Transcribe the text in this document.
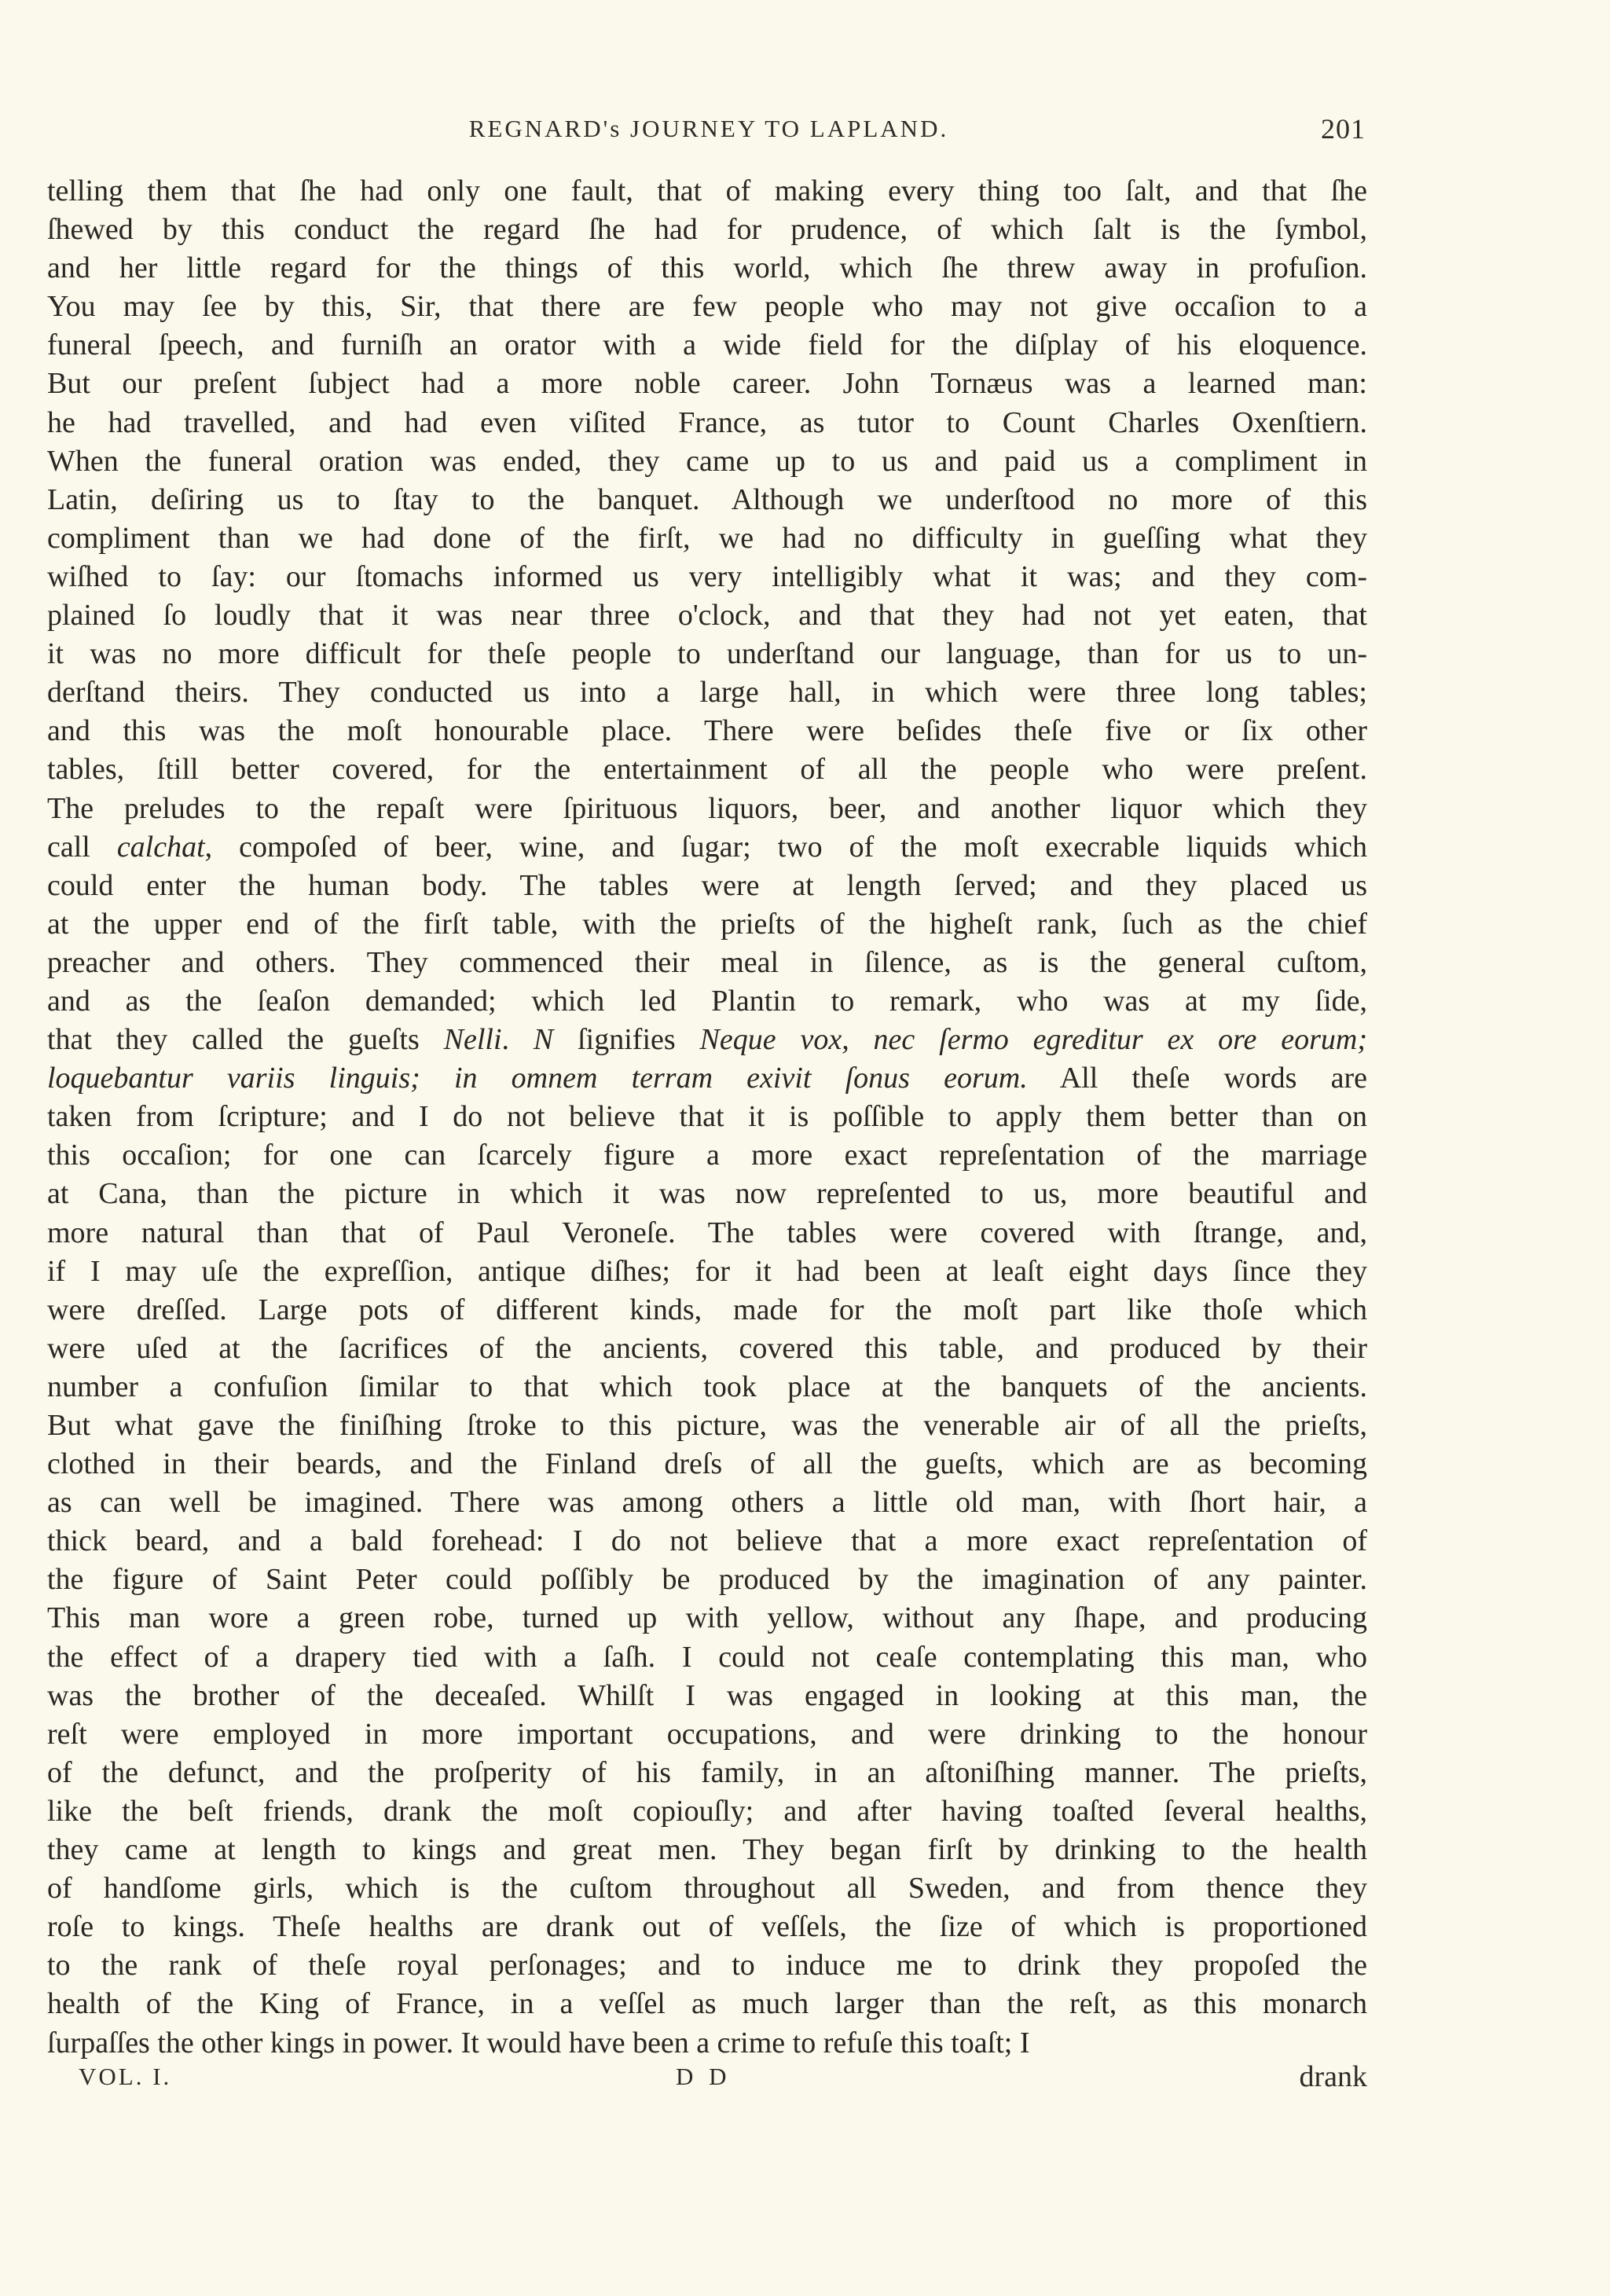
REGNARD's JOURNEY TO LAPLAND.	201
telling them that ſhe had only one fault, that of making every thing too ſalt, and that ſhe
ſhewed by this conduct the regard ſhe had for prudence, of which ſalt is the ſymbol,
and her little regard for the things of this world, which ſhe threw away in profuſion.
You may ſee by this, Sir, that there are few people who may not give occaſion to a
funeral ſpeech, and furniſh an orator with a wide field for the diſplay of his eloquence.
But our preſent ſubject had a more noble career. John Tornæus was a learned man:
he had travelled, and had even viſited France, as tutor to Count Charles Oxenſtiern.
When the funeral oration was ended, they came up to us and paid us a compliment in
Latin, deſiring us to ſtay to the banquet. Although we underſtood no more of this
compliment than we had done of the firſt, we had no difficulty in gueſſing what they
wiſhed to ſay: our ſtomachs informed us very intelligibly what it was; and they com-
plained ſo loudly that it was near three o'clock, and that they had not yet eaten, that
it was no more difficult for theſe people to underſtand our language, than for us to un-
derſtand theirs. They conducted us into a large hall, in which were three long tables;
and this was the moſt honourable place. There were beſides theſe five or ſix other
tables, ſtill better covered, for the entertainment of all the people who were preſent.
The preludes to the repaſt were ſpirituous liquors, beer, and another liquor which they
call calchat, compoſed of beer, wine, and ſugar; two of the moſt execrable liquids which
could enter the human body. The tables were at length ſerved; and they placed us
at the upper end of the firſt table, with the prieſts of the higheſt rank, ſuch as the chief
preacher and others. They commenced their meal in ſilence, as is the general cuſtom,
and as the ſeaſon demanded; which led Plantin to remark, who was at my ſide,
that they called the gueſts Nelli. N ſignifies Neque vox, nec ſermo egreditur ex ore eorum;
loquebantur variis linguis; in omnem terram exivit ſonus eorum. All theſe words are
taken from ſcripture; and I do not believe that it is poſſible to apply them better than on
this occaſion; for one can ſcarcely figure a more exact repreſentation of the marriage
at Cana, than the picture in which it was now repreſented to us, more beautiful and
more natural than that of Paul Veroneſe. The tables were covered with ſtrange, and,
if I may uſe the expreſſion, antique diſhes; for it had been at leaſt eight days ſince they
were dreſſed. Large pots of different kinds, made for the moſt part like thoſe which
were uſed at the ſacrifices of the ancients, covered this table, and produced by their
number a confuſion ſimilar to that which took place at the banquets of the ancients.
But what gave the finiſhing ſtroke to this picture, was the venerable air of all the prieſts,
clothed in their beards, and the Finland dreſs of all the gueſts, which are as becoming
as can well be imagined. There was among others a little old man, with ſhort hair, a
thick beard, and a bald forehead: I do not believe that a more exact repreſentation of
the figure of Saint Peter could poſſibly be produced by the imagination of any painter.
This man wore a green robe, turned up with yellow, without any ſhape, and producing
the effect of a drapery tied with a ſaſh. I could not ceaſe contemplating this man, who
was the brother of the deceaſed. Whilſt I was engaged in looking at this man, the
reſt were employed in more important occupations, and were drinking to the honour
of the defunct, and the proſperity of his family, in an aſtoniſhing manner. The prieſts,
like the beſt friends, drank the moſt copiouſly; and after having toaſted ſeveral healths,
they came at length to kings and great men. They began firſt by drinking to the health
of handſome girls, which is the cuſtom throughout all Sweden, and from thence they
roſe to kings. Theſe healths are drank out of veſſels, the ſize of which is proportioned
to the rank of theſe royal perſonages; and to induce me to drink they propoſed the
health of the King of France, in a veſſel as much larger than the reſt, as this monarch
ſurpaſſes the other kings in power. It would have been a crime to refuſe this toaſt; I
VOL. I.	D D	drank
